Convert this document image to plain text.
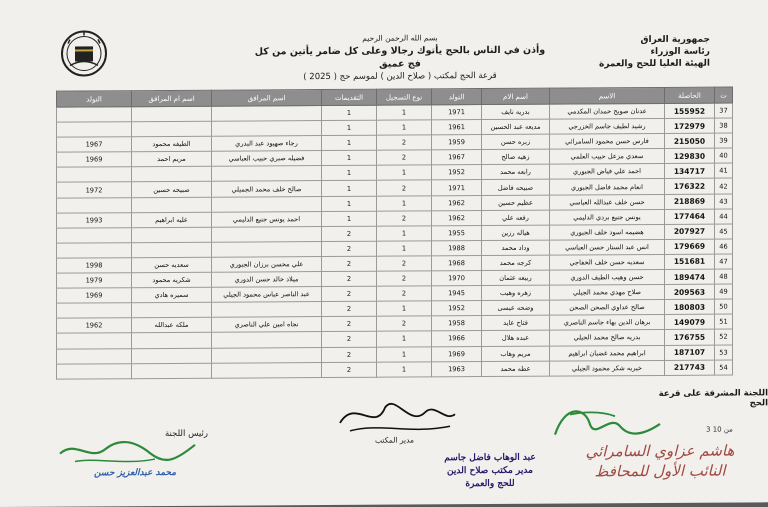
جمهورية العراق
رئاسة الوزراء
الهيئة العليا للحج والعمرة
بسم الله الرحمن الرحيم
وأذن في الناس بالحج يأتوك رجالا وعلى كل ضامر يأتين من كل فج عميق
قرعة الحج لمكتب ( صلاح الدين ) لموسم حج ( 2025 )
ت	الحاصلة	الاسم	اسم الام	التولد	نوع التسجيل	التقديمات	اسم المرافق	اسم ام المرافق	التولد
37	155952	عدنان صويح حمدان المكدمي	بدريه نايف	1971	1	1			
38	172979	رشيد لطيف جاسم الخزرجي	مديعه عبد الحسين	1961	1	1			
39	215050	فارس حسن محمود السامرائي	زبره حسن	1959	2	1	رجاء صهيود عبد البدري	الطيفه محمود	1967
40	129830	سعدي مزعل حبيب العلمي	زهيه صالح	1967	2	1	فضيله صبري حبيب العباسي	مريم احمد	1969
41	134717	احمد علي فياض الجبوري	رابعه محمد	1952	1	1			
42	176322	انعام محمد فاضل الجبوري	صبيحه فاضل	1971	2	1	صالح خلف محمد الجميلي	صبيحه حسين	1972
43	218869	حسن خلف عبدالله العباسي	عظيم حسين	1962	1	1			
44	177464	يونس جنيع بردي الدليمي	رفعه علي	1962	2	1	احمد يونس جنيع الدليمي	عليه ابراهيم	1993
45	207927	هضيمه اسود خلف الجبوري	هياله رزين	1955	1	2			
46	179669	انس عبد الستار حسن العباسي	وداد محمد	1988	1	2			
47	151681	سعديه حسن خلف الخفاجي	كرجه محمد	1968	2	2	علي محسن برزان الجبوري	سعديه حسن	1998
48	189474	حسن وهيب الطيف الدوري	ربيعه عثمان	1970	2	2	ميلاد خالد حسن الدوري	شكريه محمود	1979
49	209563	صلاح مهدي محمد الجيلي	زهره وهيب	1945	2	2	عبد الناصر عباس محمود الجيلي	سميره هادي	1969
50	180803	صالح عداوي الصحن الصحن	وضحه عيسى	1952	1	2			
51	149079	برهان الدين بهاء جاسم الناصري	فتاح عايد	1958	2	2	نجاه امين علي الناصري	ملكه عبدالله	1962
52	176755	بدريه صالح محمد الجيلي	عبده هلال	1966	1	2			
53	187107	ابراهيم محمد غضبان ابراهيم	مريم وهاب	1969	1	2			
54	217743	خيريه شكر محمود الجيلي	عطه محمد	1963	1	2			
اللجنة المشرفة على قرعة الحج
رئيس اللجنة
محمد عبدالعزيز حسن
مدير المكتب
عبد الوهاب فاضل جاسم
مدير مكتب صلاح الدين
للحج والعمرة
3 من 10
هاشم عزاوي السامرائي
النائب الأول للمحافظ
